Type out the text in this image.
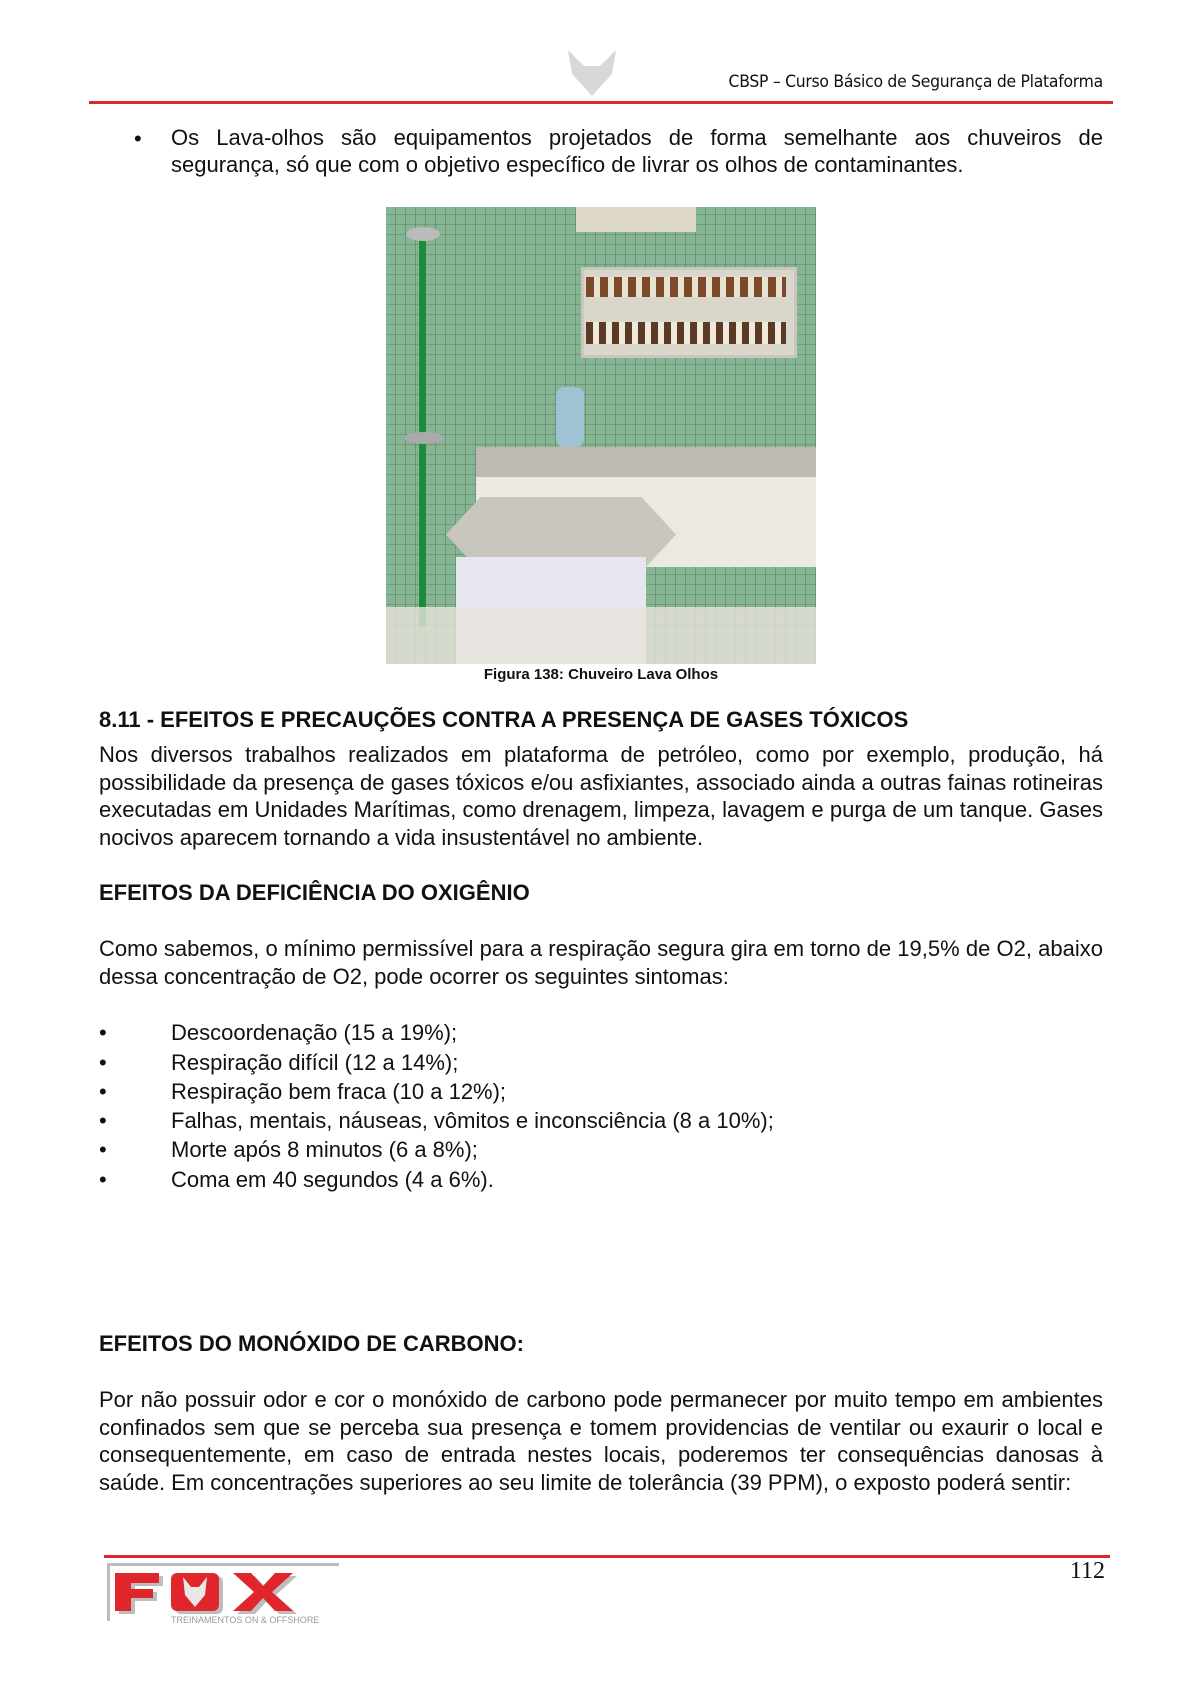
CBSP – Curso Básico de Segurança de Plataforma
• Os Lava-olhos são equipamentos projetados de forma semelhante aos chuveiros de segurança, só que com o objetivo específico de livrar os olhos de contaminantes.
Figura 138: Chuveiro Lava Olhos
8.11 - EFEITOS E PRECAUÇÕES CONTRA A PRESENÇA DE GASES TÓXICOS
Nos diversos trabalhos realizados em plataforma de petróleo, como por exemplo, produção, há possibilidade da presença de gases tóxicos e/ou asfixiantes, associado ainda a outras fainas rotineiras executadas em Unidades Marítimas, como drenagem, limpeza, lavagem e purga de um tanque. Gases nocivos aparecem tornando a vida insustentável no ambiente.
EFEITOS DA DEFICIÊNCIA DO OXIGÊNIO
Como sabemos, o mínimo permissível para a respiração segura gira em torno de 19,5% de O2, abaixo dessa concentração de O2, pode ocorrer os seguintes sintomas:
•	Descoordenação (15 a 19%);
•	Respiração difícil (12 a 14%);
•	Respiração bem fraca (10 a 12%);
•	Falhas, mentais, náuseas, vômitos e inconsciência (8 a 10%);
•	Morte após 8 minutos (6 a 8%);
•	Coma em 40 segundos (4 a 6%).
EFEITOS DO MONÓXIDO DE CARBONO:
Por não possuir odor e cor o monóxido de carbono pode permanecer por muito tempo em ambientes confinados sem que se perceba sua presença e tomem providencias de ventilar ou exaurir o local e consequentemente, em caso de entrada nestes locais, poderemos ter consequências danosas à saúde. Em concentrações superiores ao seu limite de tolerância (39 PPM), o exposto poderá sentir:
112
TREINAMENTOS ON & OFFSHORE
